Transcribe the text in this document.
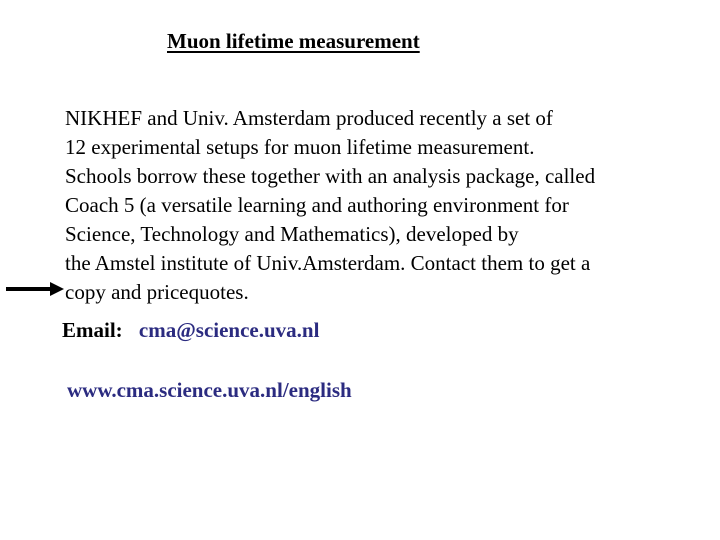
Muon lifetime measurement
NIKHEF and Univ. Amsterdam produced recently a set of
12 experimental setups for muon lifetime measurement.
Schools borrow these together with an analysis package, called
Coach 5 (a versatile learning and authoring environment for
Science, Technology and Mathematics), developed by
the Amstel institute of Univ.Amsterdam. Contact them to get a
copy and pricequotes.
Email: cma@science.uva.nl
www.cma.science.uva.nl/english
